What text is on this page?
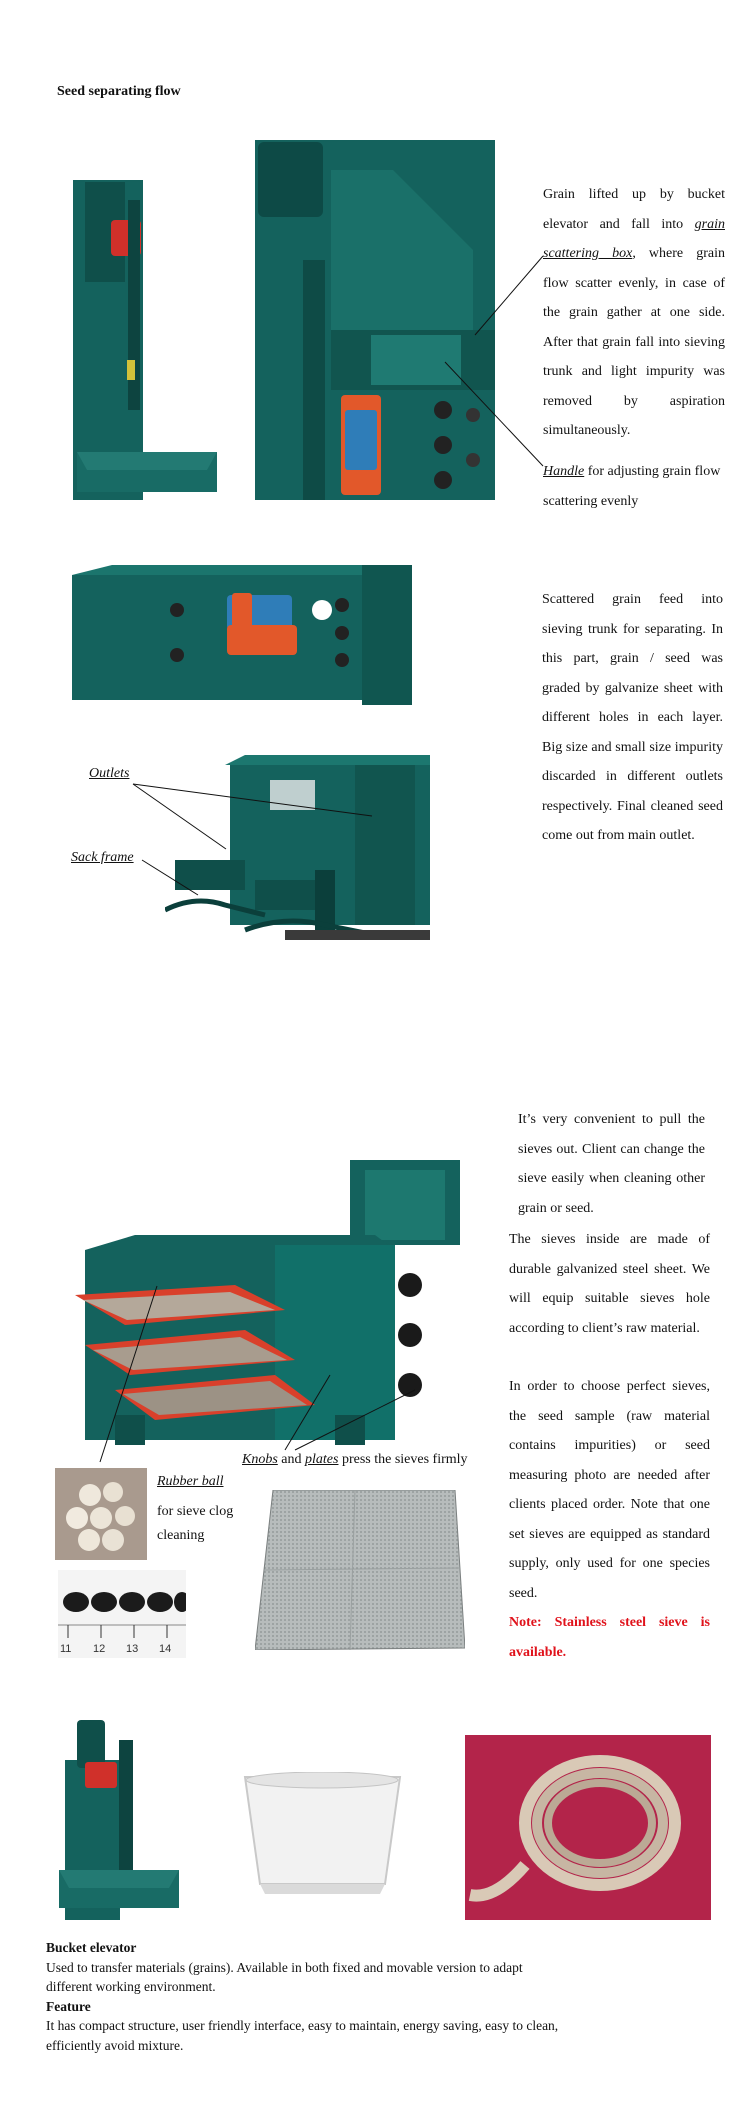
Seed separating flow
Grain lifted up by bucket elevator and fall into grain scattering box, where grain flow scatter evenly, in case of the grain gather at one side. After that grain fall into sieving trunk and light impurity was removed by aspiration simultaneously.
Handle for adjusting grain flow scattering evenly
Outlets
Sack frame
Scattered grain feed into sieving trunk for separating. In this part, grain / seed was graded by galvanize sheet with different holes in each layer. Big size and small size impurity discarded in different outlets respectively. Final cleaned seed come out from main outlet.
It’s very convenient to pull the sieves out. Client can change the sieve easily when cleaning other grain or seed.
The sieves inside are made of durable galvanized steel sheet. We will equip suitable sieves hole according to client’s raw material.
In order to choose perfect sieves, the seed sample (raw material contains impurities) or seed measuring photo are needed after clients placed order. Note that one set sieves are equipped as standard supply, only used for one species seed.
Note: Stainless steel sieve is available.
Knobs and plates press the sieves firmly
Rubber ball
for sieve clog cleaning
11 12 13 14
Bucket elevator
Used to transfer materials (grains). Available in both fixed and movable version to adapt different working environment.
Feature
It has compact structure, user friendly interface, easy to maintain, energy saving, easy to clean, efficiently avoid mixture.
